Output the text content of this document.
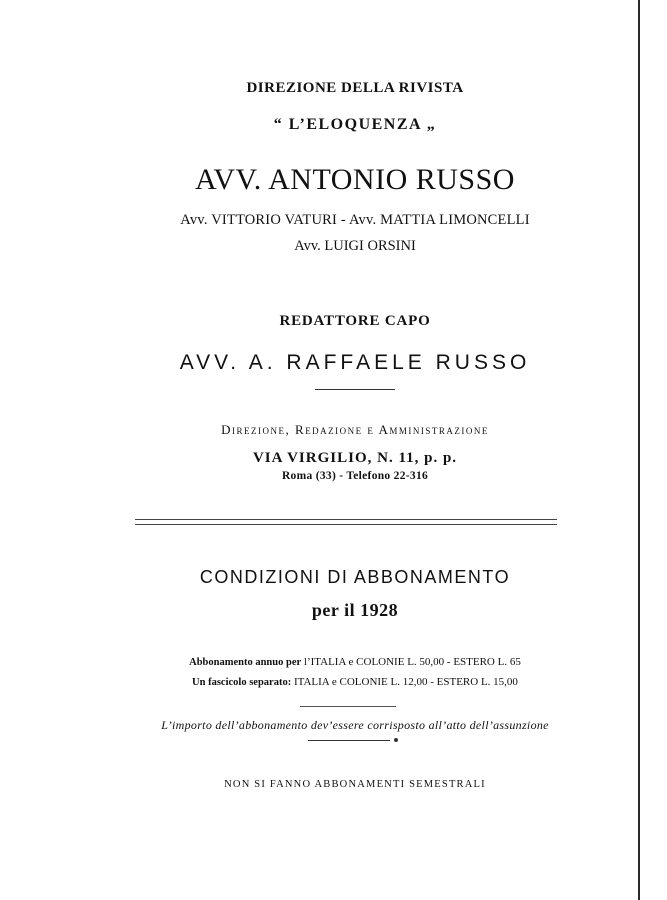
DIREZIONE DELLA RIVISTA
“ L’ELOQUENZA „
AVV. ANTONIO RUSSO
Avv. VITTORIO VATURI - Avv. MATTIA LIMONCELLI
Avv. LUIGI ORSINI
REDATTORE CAPO
AVV. A. RAFFAELE RUSSO
Direzione, Redazione e Amministrazione
VIA VIRGILIO, N. 11, p. p.
Roma (33) - Telefono 22-316
CONDIZIONI DI ABBONAMENTO
per il 1928
Abbonamento annuo per l’ITALIA e COLONIE L. 50,00 - ESTERO L. 65
Un fascicolo separato: ITALIA e COLONIE L. 12,00 - ESTERO L. 15,00
L’importo dell’abbonamento dev’essere corrisposto all’atto dell’assunzione
NON SI FANNO ABBONAMENTI SEMESTRALI
